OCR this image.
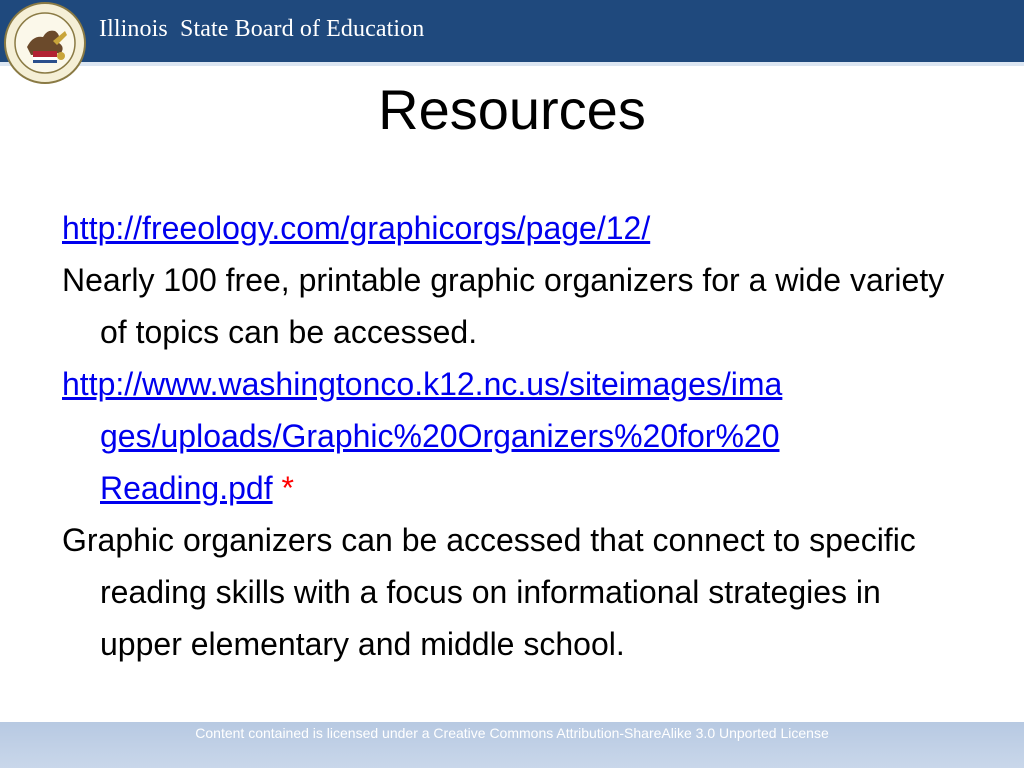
Illinois  State Board of Education
Resources

http://freeology.com/graphicorgs/page/12/

Nearly 100 free, printable graphic organizers for a wide variety of topics can be accessed.

http://www.washingtonco.k12.nc.us/siteimages/ima
ges/uploads/Graphic%20Organizers%20for%20
Reading.pdf *

Graphic organizers can be accessed that connect to specific reading skills with a focus on informational strategies in upper elementary and middle school.

Content contained is licensed under a Creative Commons Attribution-ShareAlike 3.0 Unported License
